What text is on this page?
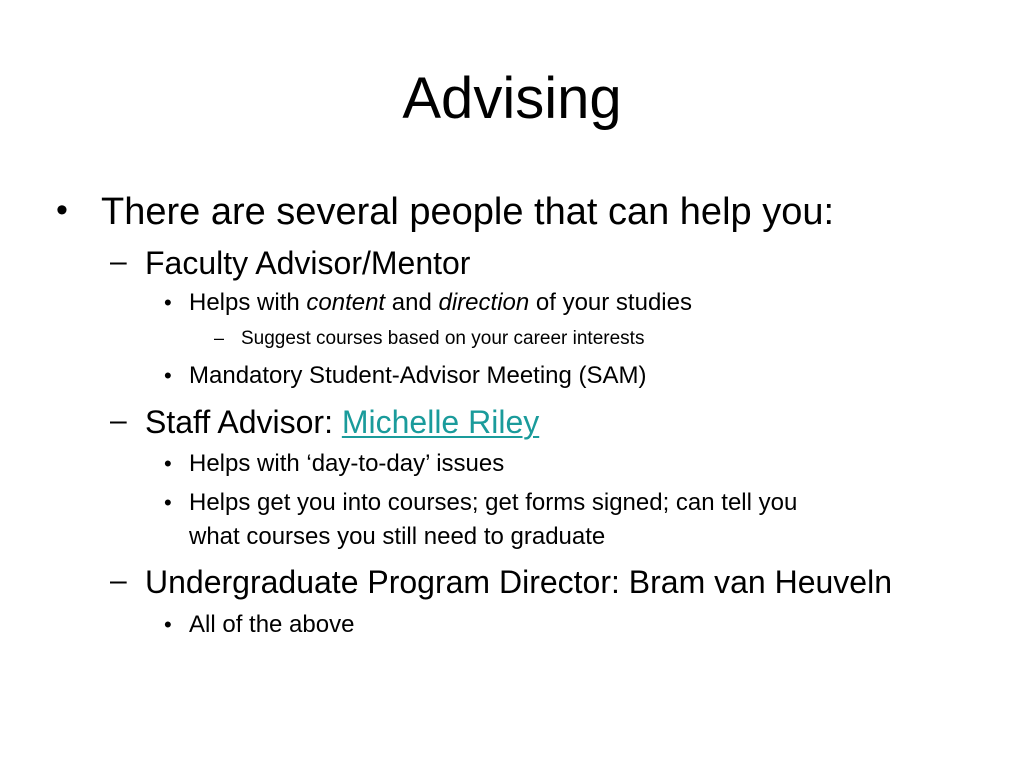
Advising
• There are several people that can help you:
– Faculty Advisor/Mentor
• Helps with content and direction of your studies
– Suggest courses based on your career interests
• Mandatory Student-Advisor Meeting (SAM)
– Staff Advisor: Michelle Riley
• Helps with ‘day-to-day’ issues
• Helps get you into courses; get forms signed; can tell you
what courses you still need to graduate
– Undergraduate Program Director: Bram van Heuveln
• All of the above
